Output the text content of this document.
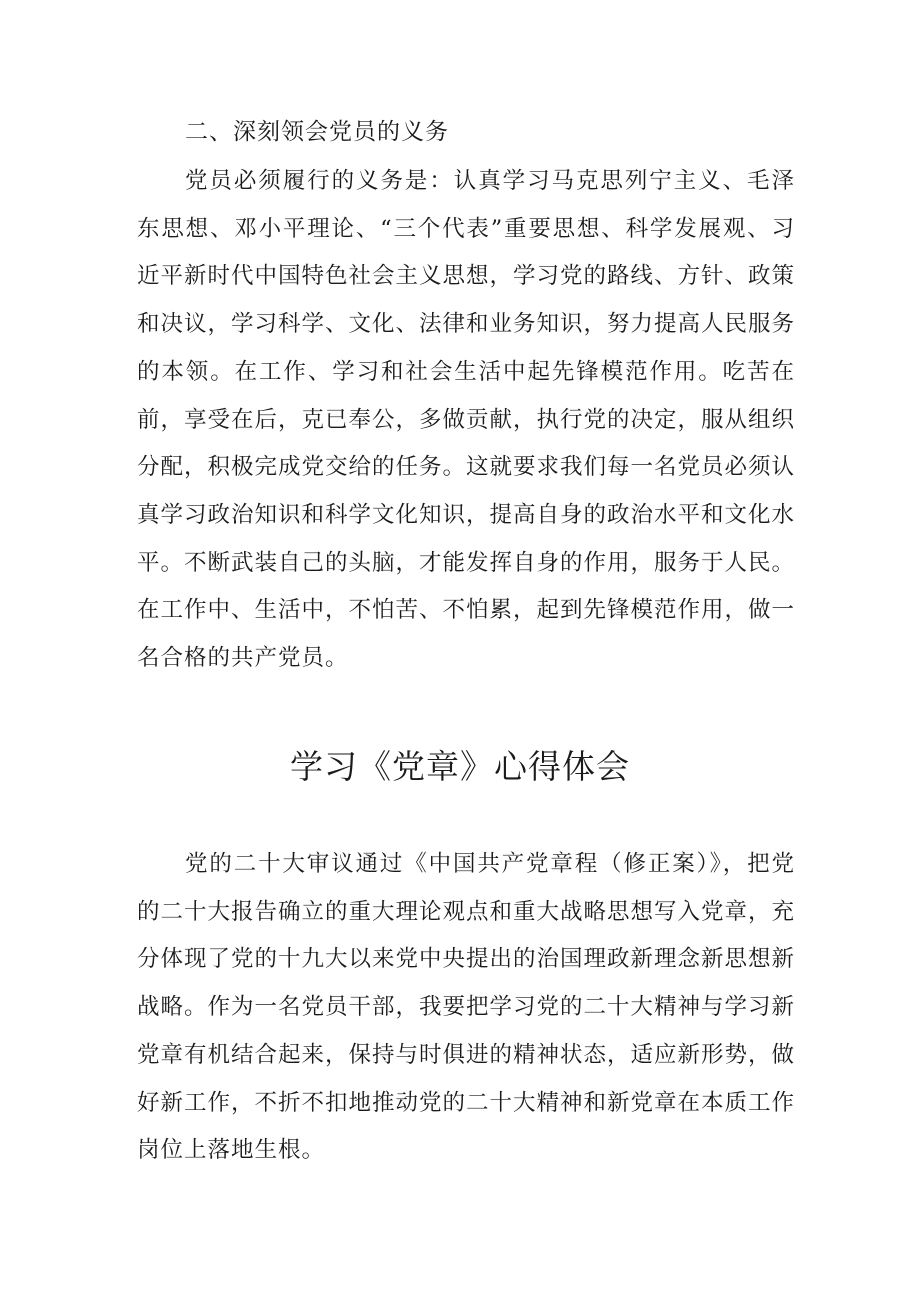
二、深刻领会党员的义务

党员必须履行的义务是：认真学习马克思列宁主义、毛泽东思想、邓小平理论、“三个代表”重要思想、科学发展观、习近平新时代中国特色社会主义思想，学习党的路线、方针、政策和决议，学习科学、文化、法律和业务知识，努力提高人民服务的本领。在工作、学习和社会生活中起先锋模范作用。吃苦在前，享受在后，克已奉公，多做贡献，执行党的决定，服从组织分配，积极完成党交给的任务。这就要求我们每一名党员必须认真学习政治知识和科学文化知识，提高自身的政治水平和文化水平。不断武装自己的头脑，才能发挥自身的作用，服务于人民。在工作中、生活中，不怕苦、不怕累，起到先锋模范作用，做一名合格的共产党员。

学习《党章》心得体会

党的二十大审议通过《中国共产党章程（修正案）》，把党的二十大报告确立的重大理论观点和重大战略思想写入党章，充分体现了党的十九大以来党中央提出的治国理政新理念新思想新战略。作为一名党员干部，我要把学习党的二十大精神与学习新党章有机结合起来，保持与时俱进的精神状态，适应新形势，做好新工作，不折不扣地推动党的二十大精神和新党章在本质工作岗位上落地生根。
